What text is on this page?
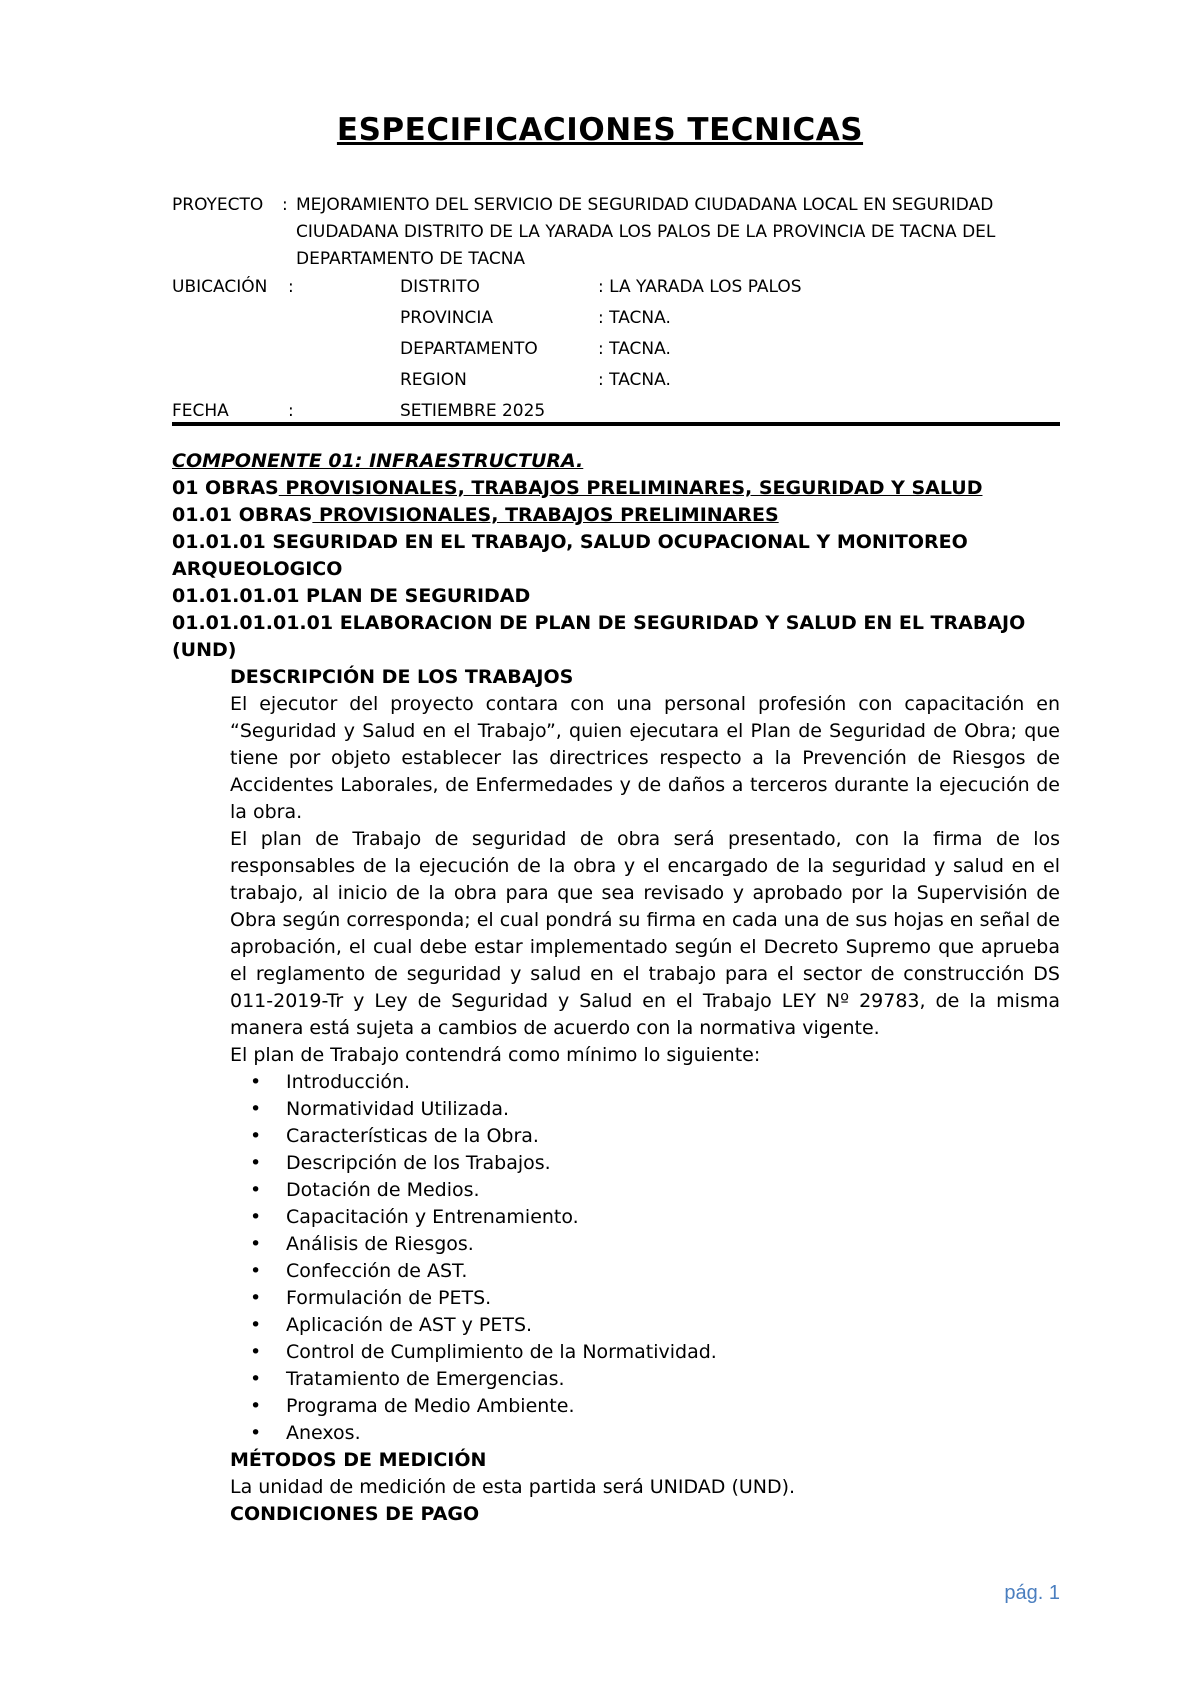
ESPECIFICACIONES TECNICAS
PROYECTO : MEJORAMIENTO DEL SERVICIO DE SEGURIDAD CIUDADANA LOCAL EN SEGURIDAD
CIUDADANA DISTRITO DE LA YARADA LOS PALOS DE LA PROVINCIA DE TACNA DEL
DEPARTAMENTO DE TACNA
UBICACIÓN :	DISTRITO	: LA YARADA LOS PALOS
PROVINCIA	: TACNA.
DEPARTAMENTO	: TACNA.
REGION	: TACNA.
FECHA	:	SETIEMBRE 2025
COMPONENTE 01: INFRAESTRUCTURA.
01 OBRAS PROVISIONALES, TRABAJOS PRELIMINARES, SEGURIDAD Y SALUD
01.01 OBRAS PROVISIONALES, TRABAJOS PRELIMINARES
01.01.01 SEGURIDAD EN EL TRABAJO, SALUD OCUPACIONAL Y MONITOREO ARQUEOLOGICO
01.01.01.01 PLAN DE SEGURIDAD
01.01.01.01.01 ELABORACION DE PLAN DE SEGURIDAD Y SALUD EN EL TRABAJO (UND)
DESCRIPCIÓN DE LOS TRABAJOS
El ejecutor del proyecto contara con una personal profesión con capacitación en “Seguridad y Salud en el Trabajo”, quien ejecutara el Plan de Seguridad de Obra; que tiene por objeto establecer las directrices respecto a la Prevención de Riesgos de Accidentes Laborales, de Enfermedades y de daños a terceros durante la ejecución de la obra.
El plan de Trabajo de seguridad de obra será presentado, con la firma de los responsables de la ejecución de la obra y el encargado de la seguridad y salud en el trabajo, al inicio de la obra para que sea revisado y aprobado por la Supervisión de Obra según corresponda; el cual pondrá su firma en cada una de sus hojas en señal de aprobación, el cual debe estar implementado según el Decreto Supremo que aprueba el reglamento de seguridad y salud en el trabajo para el sector de construcción DS 011-2019-Tr y Ley de Seguridad y Salud en el Trabajo LEY Nº 29783, de la misma manera está sujeta a cambios de acuerdo con la normativa vigente.
El plan de Trabajo contendrá como mínimo lo siguiente:
• Introducción.
• Normatividad Utilizada.
• Características de la Obra.
• Descripción de los Trabajos.
• Dotación de Medios.
• Capacitación y Entrenamiento.
• Análisis de Riesgos.
• Confección de AST.
• Formulación de PETS.
• Aplicación de AST y PETS.
• Control de Cumplimiento de la Normatividad.
• Tratamiento de Emergencias.
• Programa de Medio Ambiente.
• Anexos.
MÉTODOS DE MEDICIÓN
La unidad de medición de esta partida será UNIDAD (UND).
CONDICIONES DE PAGO
pág. 1
